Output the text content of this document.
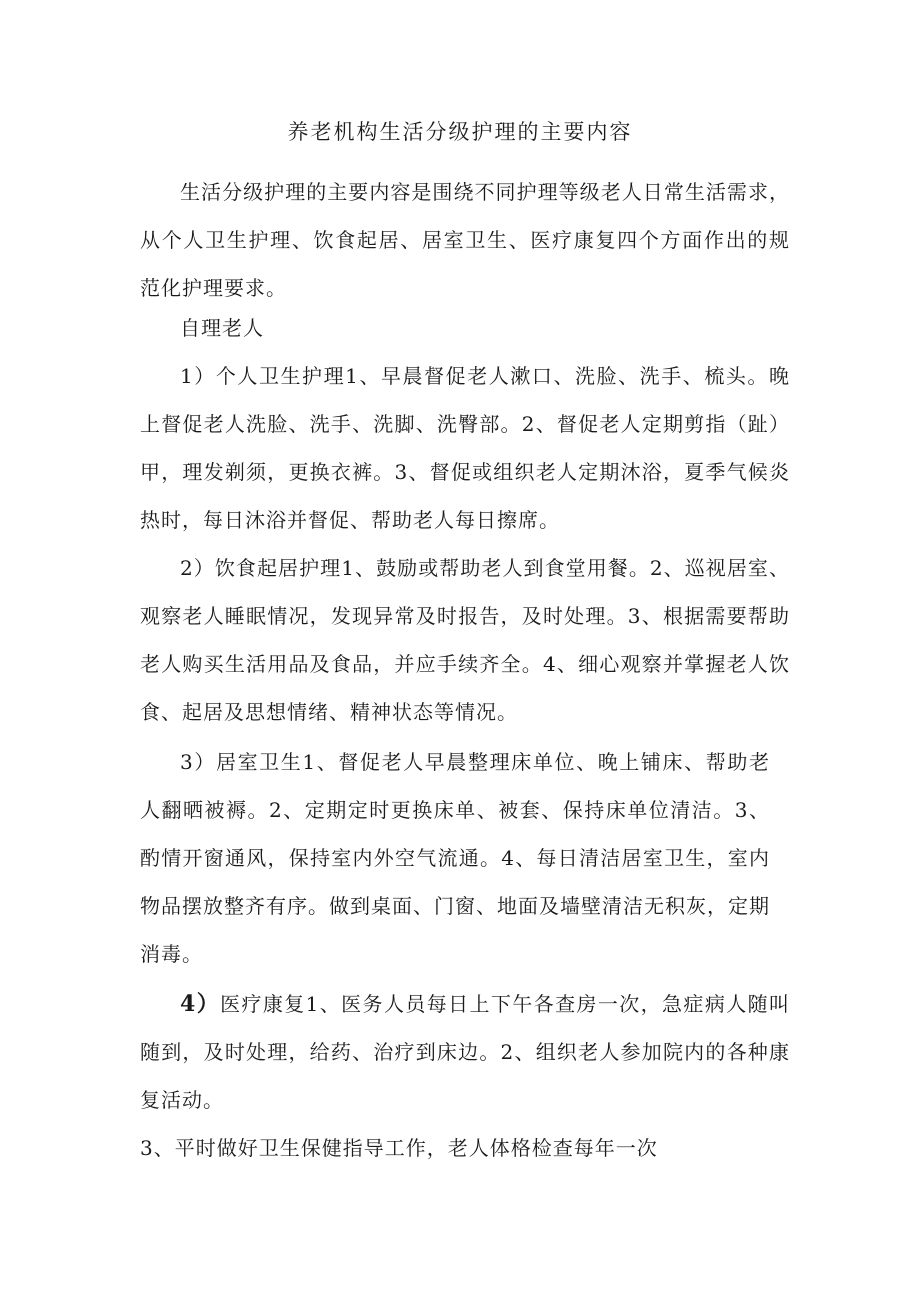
养老机构生活分级护理的主要内容

生活分级护理的主要内容是围绕不同护理等级老人日常生活需求，从个人卫生护理、饮食起居、居室卫生、医疗康复四个方面作出的规范化护理要求。

自理老人

1）个人卫生护理1、早晨督促老人漱口、洗脸、洗手、梳头。晚上督促老人洗脸、洗手、洗脚、洗臀部。2、督促老人定期剪指（趾）甲，理发剃须，更换衣裤。3、督促或组织老人定期沐浴，夏季气候炎热时，每日沐浴并督促、帮助老人每日擦席。

2）饮食起居护理1、鼓励或帮助老人到食堂用餐。2、巡视居室、观察老人睡眠情况，发现异常及时报告，及时处理。3、根据需要帮助老人购买生活用品及食品，并应手续齐全。4、细心观察并掌握老人饮食、起居及思想情绪、精神状态等情况。

3）居室卫生1、督促老人早晨整理床单位、晚上铺床、帮助老人翻晒被褥。2、定期定时更换床单、被套、保持床单位清洁。3、酌情开窗通风，保持室内外空气流通。4、每日清洁居室卫生，室内物品摆放整齐有序。做到桌面、门窗、地面及墙壁清洁无积灰，定期消毒。

4）医疗康复1、医务人员每日上下午各查房一次，急症病人随叫随到，及时处理，给药、治疗到床边。2、组织老人参加院内的各种康复活动。

3、平时做好卫生保健指导工作，老人体格检查每年一次
